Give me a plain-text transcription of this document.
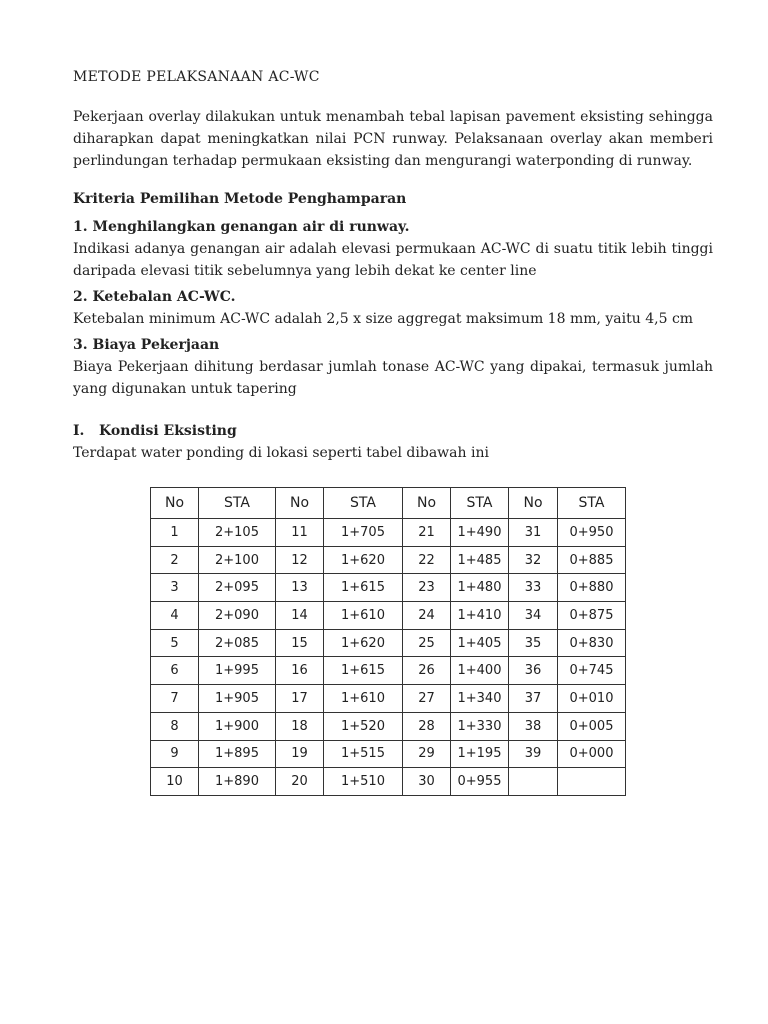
METODE PELAKSANAAN AC-WC

Pekerjaan overlay dilakukan untuk menambah tebal lapisan pavement eksisting sehingga diharapkan dapat meningkatkan nilai PCN runway. Pelaksanaan overlay akan memberi perlindungan terhadap permukaan eksisting dan mengurangi waterponding di runway.

Kriteria Pemilihan Metode Penghamparan

1. Menghilangkan genangan air di runway.

Indikasi adanya genangan air adalah elevasi permukaan AC-WC di suatu titik lebih tinggi daripada elevasi titik sebelumnya yang lebih dekat ke center line

2. Ketebalan AC-WC.

Ketebalan minimum AC-WC adalah 2,5 x size aggregat maksimum 18 mm, yaitu 4,5 cm

3. Biaya Pekerjaan

Biaya Pekerjaan dihitung berdasar jumlah tonase AC-WC yang dipakai, termasuk jumlah yang digunakan untuk tapering

I.	Kondisi Eksisting

Terdapat water ponding di lokasi seperti tabel dibawah ini

No	STA	No	STA	No	STA	No	STA
1	2+105	11	1+705	21	1+490	31	0+950
2	2+100	12	1+620	22	1+485	32	0+885
3	2+095	13	1+615	23	1+480	33	0+880
4	2+090	14	1+610	24	1+410	34	0+875
5	2+085	15	1+620	25	1+405	35	0+830
6	1+995	16	1+615	26	1+400	36	0+745
7	1+905	17	1+610	27	1+340	37	0+010
8	1+900	18	1+520	28	1+330	38	0+005
9	1+895	19	1+515	29	1+195	39	0+000
10	1+890	20	1+510	30	0+955		
